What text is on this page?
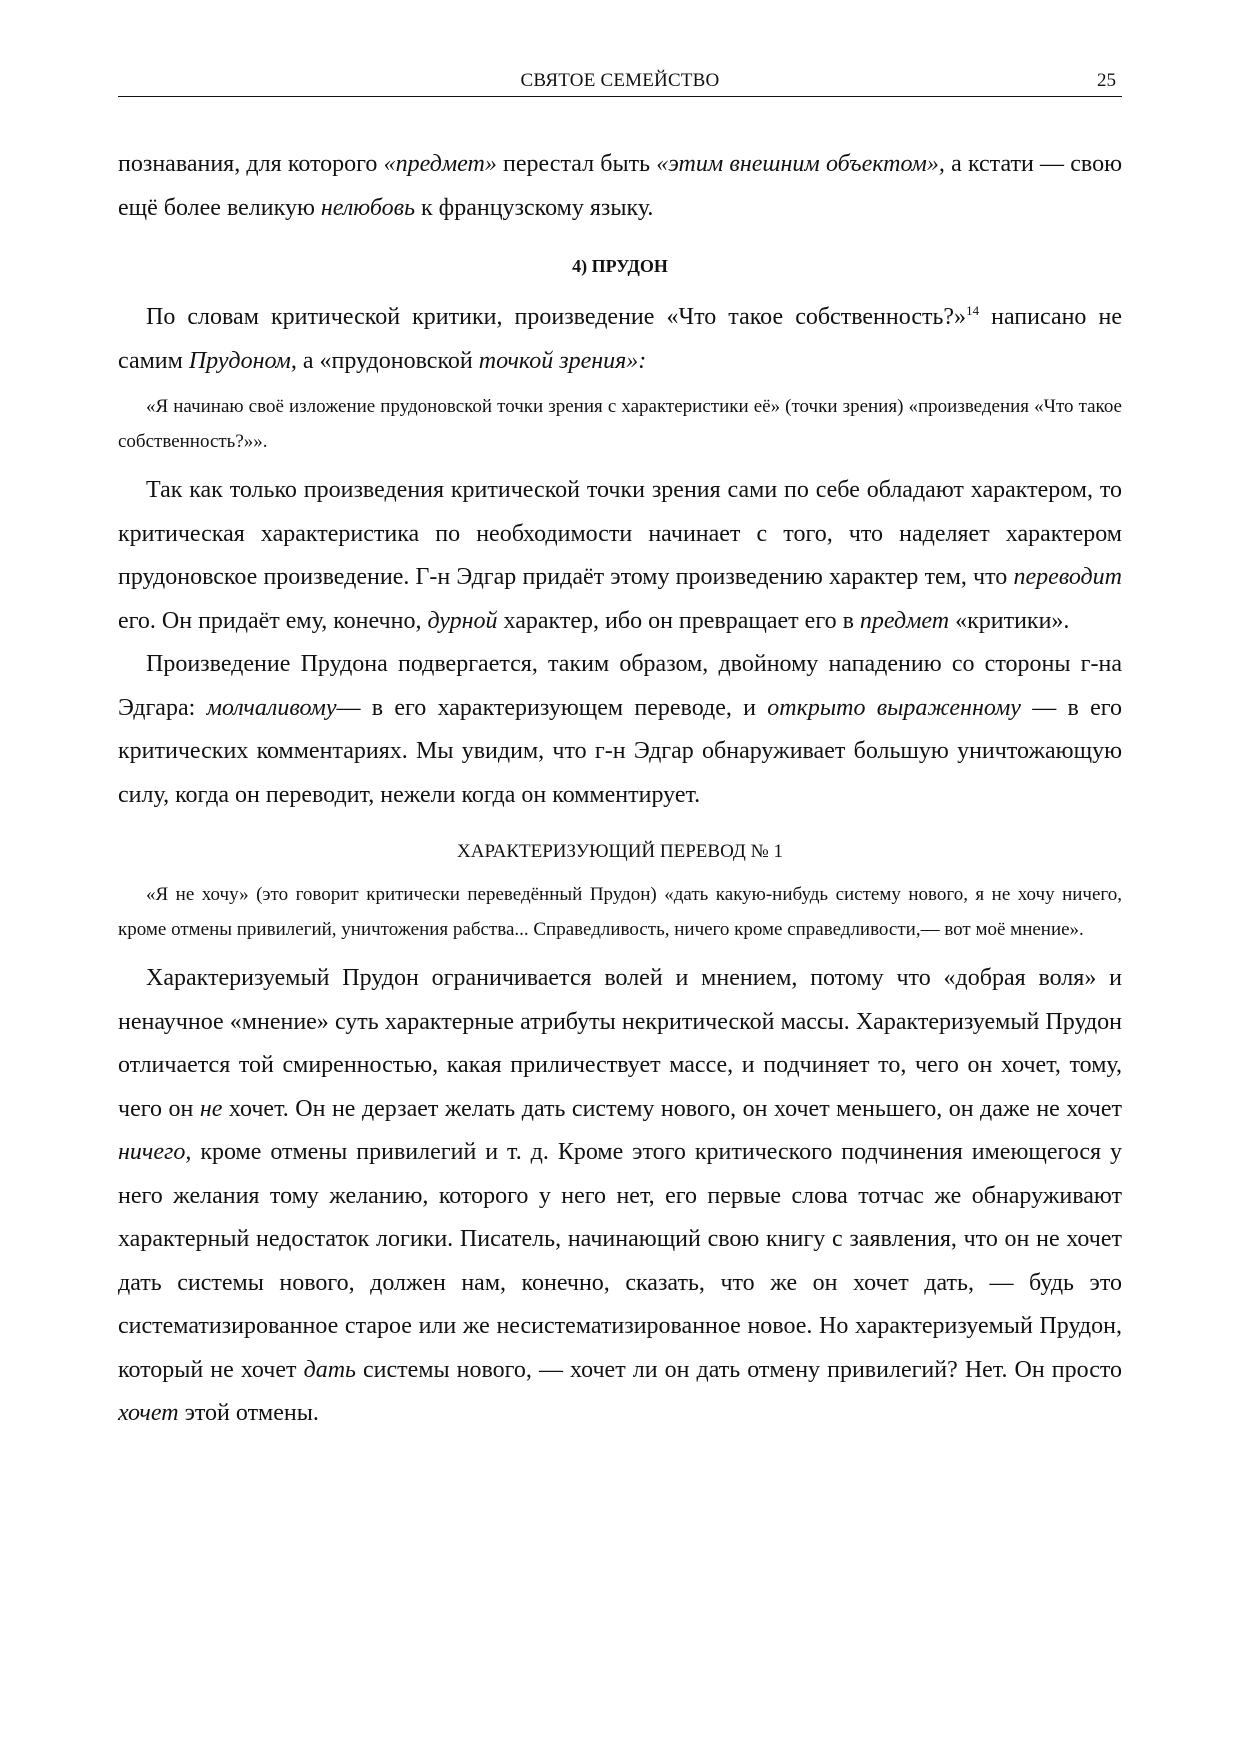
СВЯТОЕ СЕМЕЙСТВО	25

познавания, для которого «предмет» перестал быть «этим внешним объектом», а кстати — свою ещё более великую нелюбовь к французскому языку.

4) ПРУДОН

По словам критической критики, произведение «Что такое собственность?»$^{14}$ написано не самим Прудоном, а «прудоновской точкой зрения»:

«Я начинаю своё изложение прудоновской точки зрения с характеристики её» (точки зрения) «произведения «Что такое собственность?»».

Так как только произведения критической точки зрения сами по себе обладают характером, то критическая характеристика по необходимости начинает с того, что наделяет характером прудоновское произведение. Г-н Эдгар придаёт этому произведению характер тем, что переводит его. Он придаёт ему, конечно, дурной характер, ибо он превращает его в предмет «критики».

Произведение Прудона подвергается, таким образом, двойному нападению со стороны г-на Эдгара: молчаливому— в его характеризующем переводе, и открыто выраженному — в его критических комментариях. Мы увидим, что г-н Эдгар обнаруживает большую уничтожающую силу, когда он переводит, нежели когда он комментирует.

ХАРАКТЕРИЗУЮЩИЙ ПЕРЕВОД № 1

«Я не хочу» (это говорит критически переведённый Прудон) «дать какую-нибудь систему нового, я не хочу ничего, кроме отмены привилегий, уничтожения рабства... Справедливость, ничего кроме справедливости,— вот моё мнение».

Характеризуемый Прудон ограничивается волей и мнением, потому что «добрая воля» и ненаучное «мнение» суть характерные атрибуты некритической массы. Характеризуемый Прудон отличается той смиренностью, какая приличествует массе, и подчиняет то, чего он хочет, тому, чего он не хочет. Он не дерзает желать дать систему нового, он хочет меньшего, он даже не хочет ничего, кроме отмены привилегий и т. д. Кроме этого критического подчинения имеющегося у него желания тому желанию, которого у него нет, его первые слова тотчас же обнаруживают характерный недостаток логики. Писатель, начинающий свою книгу с заявления, что он не хочет дать системы нового, должен нам, конечно, сказать, что же он хочет дать, — будь это систематизированное старое или же несистематизированное новое. Но характеризуемый Прудон, который не хочет дать системы нового, — хочет ли он дать отмену привилегий? Нет. Он просто хочет этой отмены.
